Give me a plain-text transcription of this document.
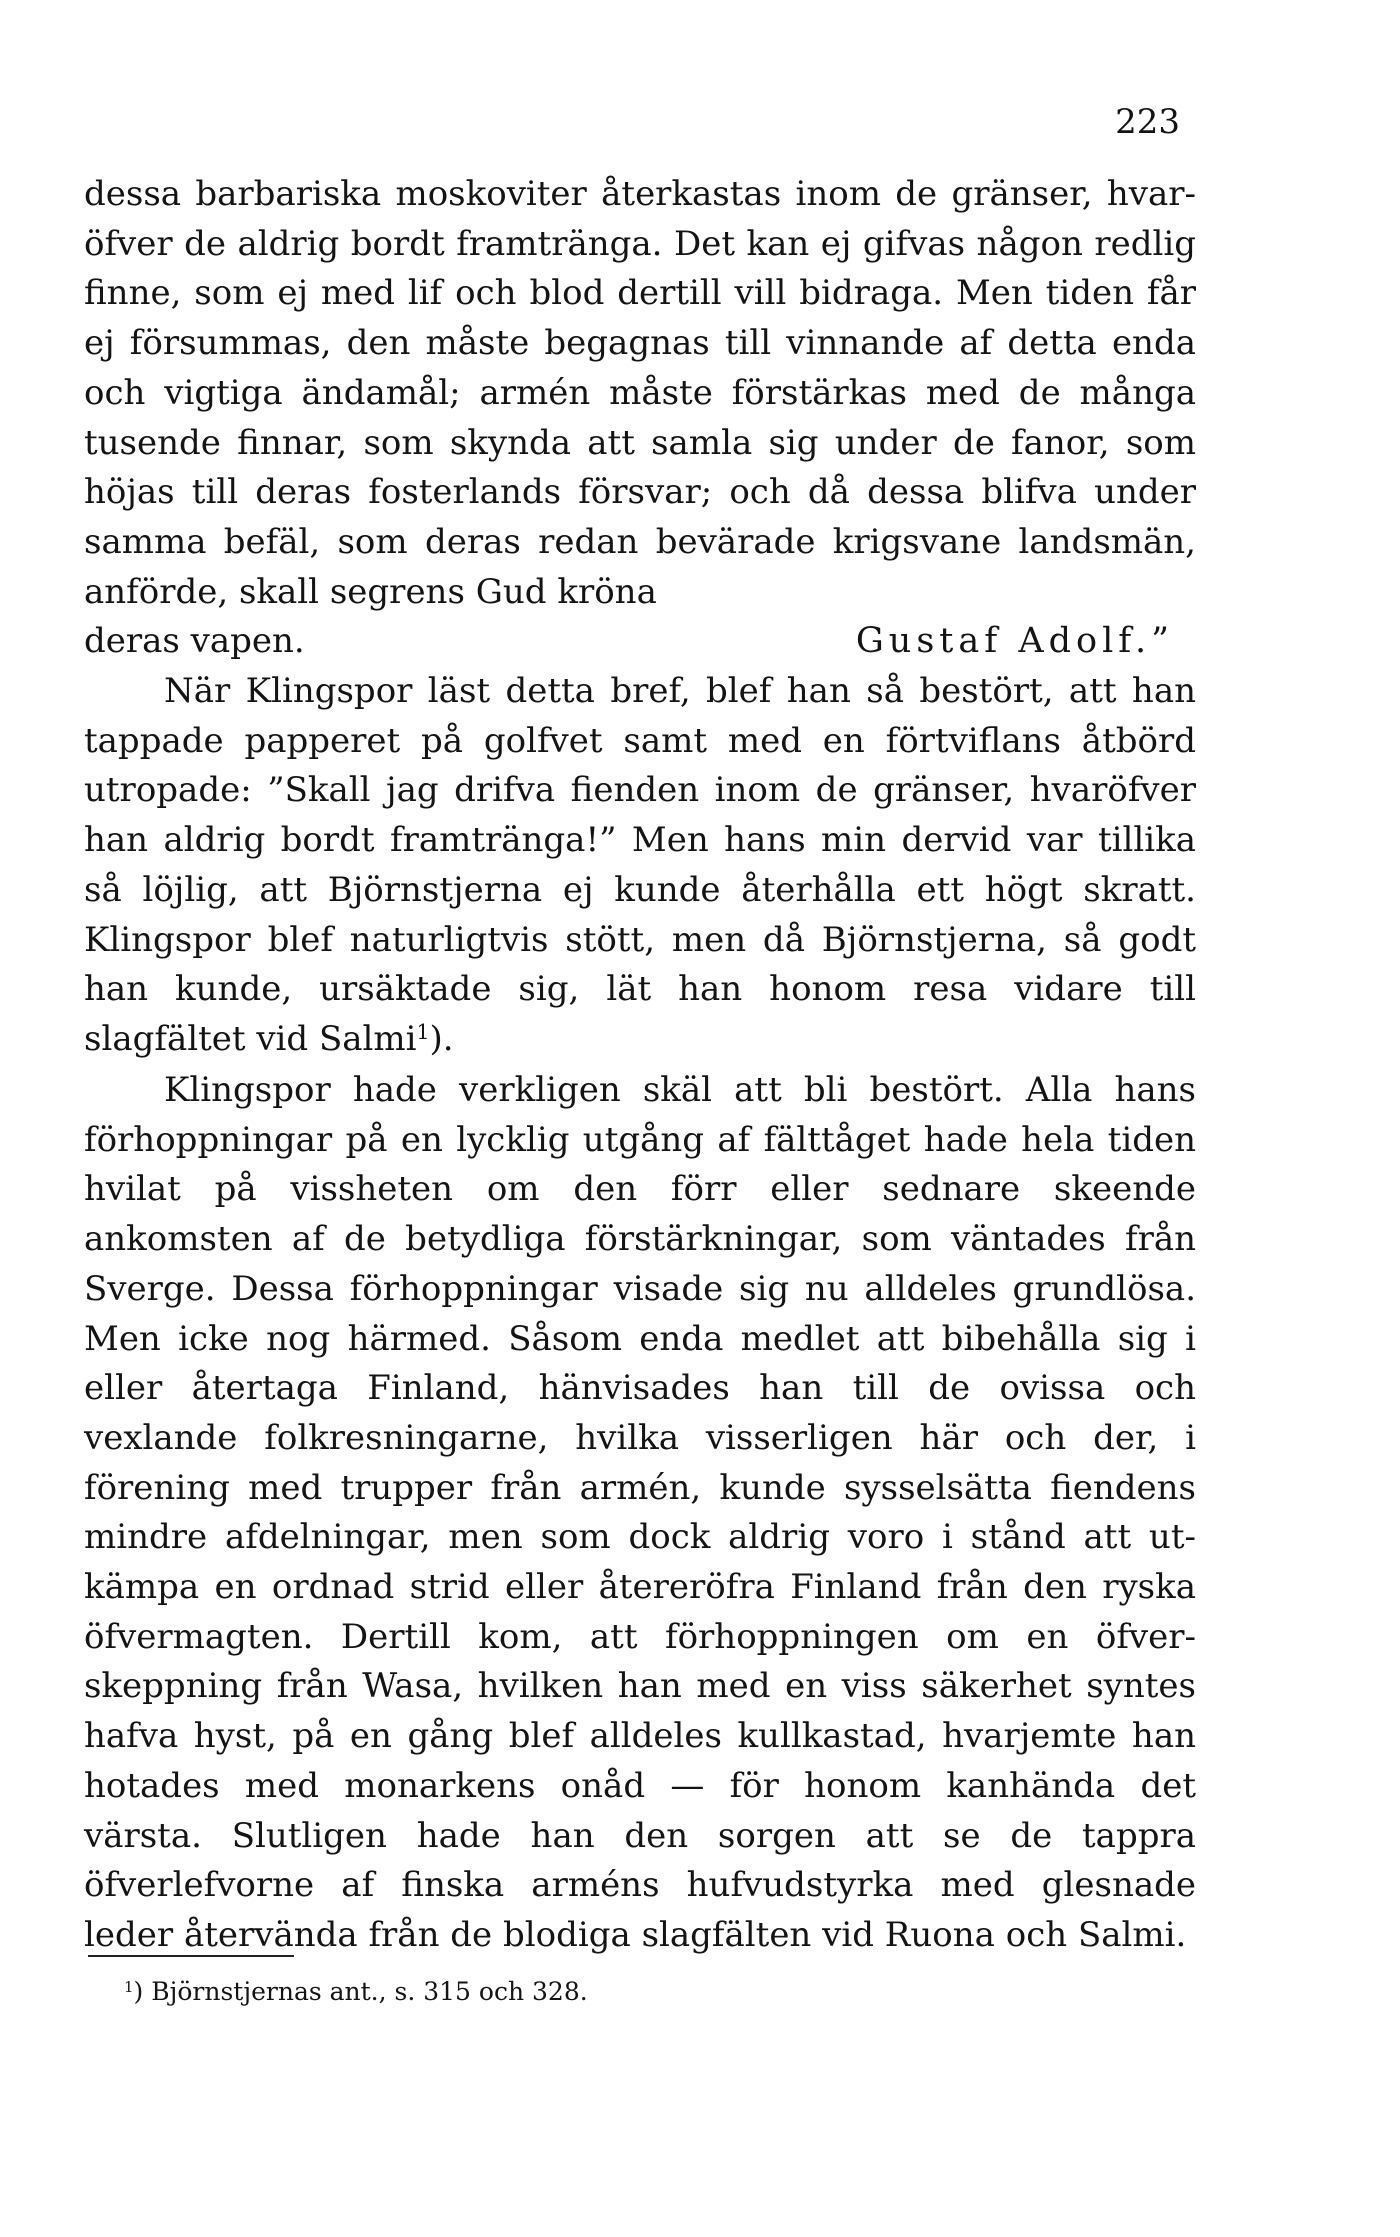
223

dessa barbariska moskoviter återkastas inom de gränser, hvaröfver de aldrig bordt framtränga. Det kan ej gifvas någon redlig finne, som ej med lif och blod dertill vill bidraga. Men tiden får ej försummas, den måste begagnas till vinnande af detta enda och vigtiga ändamål; armén måste förstärkas med de många tusende finnar, som skynda att samla sig under de fanor, som höjas till deras fosterlands försvar; och då dessa blifva under samma befäl, som deras redan bevärade krigsvane landsmän, anförde, skall segrens Gud kröna

deras vapen.	Gustaf Adolf.”

När Klingspor läst detta bref, blef han så bestört, att han tappade papperet på golfvet samt med en förtviflans åtbörd utropade: ”Skall jag drifva fienden inom de gränser, hvaröfver han aldrig bordt framtränga!” Men hans min dervid var tillika så löjlig, att Björnstjerna ej kunde återhålla ett högt skratt. Klingspor blef naturligtvis stött, men då Björnstjerna, så godt han kunde, ursäktade sig, lät han honom resa vidare till slagfältet vid Salmi$^1$).

Klingspor hade verkligen skäl att bli bestört. Alla hans förhoppningar på en lycklig utgång af fälttåget hade hela tiden hvilat på vissheten om den förr eller sednare skeende ankomsten af de betydliga förstärkningar, som väntades från Sverge. Dessa förhoppningar visade sig nu alldeles grundlösa. Men icke nog härmed. Såsom enda medlet att bibehålla sig i eller återtaga Finland, hänvisades han till de ovissa och vexlande folkresningarne, hvilka visserligen här och der, i förening med trupper från armén, kunde sysselsätta fiendens mindre afdelningar, men som dock aldrig voro i stånd att utkämpa en ordnad strid eller återeröfra Finland från den ryska öfvermagten. Dertill kom, att förhoppningen om en öfverskeppning från Wasa, hvilken han med en viss säkerhet syntes hafva hyst, på en gång blef alldeles kullkastad, hvarjemte han hotades med monarkens onåd — för honom kanhända det värsta. Slutligen hade han den sorgen att se de tappra öfverlefvorne af finska arméns hufvudstyrka med glesnade leder återvända från de blodiga slagfälten vid Ruona och Salmi.

$^1$) Björnstjernas ant., s. 315 och 328.
